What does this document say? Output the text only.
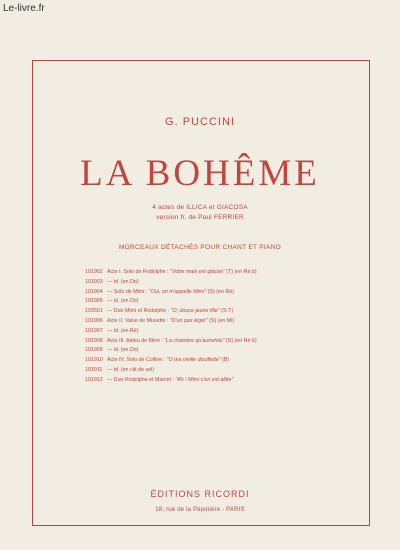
Le-livre.fr
G. PUCCINI
LA BOHÊME
4 actes de ILLICA et GIACOSA
version fr. de Paul FERRIER
MORCEAUX DÉTACHÉS POUR CHANT ET PIANO
101902 Acte I. Solo de Rodolphe : "Votre main est glacée" (T) (en Ré b)
101903 — id. (en Do)
101904 — Solo de Mimi : "Oui, on m'appelle Mimi" (S) (en Ré)
101905 — id. (en Do)
103501 — Duo Mimi et Rodolphe : "O, douce jeune fille" (S-T)
101906 Acte II. Valse de Musette : "D'un pas léger" (S) (en Mi)
101907 — id. (en Ré)
101908 Acte III. Adieu de Mimi : "La chambre qu'autrefois" (S) (en Ré b)
101909 — id. (en Do)
101910 Acte IV. Solo de Colline : "O ma vieille douillette" (B)
101911 — id. (en clé de sol)
101912 — Duo Rodolphe et Marcel : "Ah ! Mimi c'en est allée"
ÉDITIONS RICORDI
18, rue de la Pépinière - PARIS
